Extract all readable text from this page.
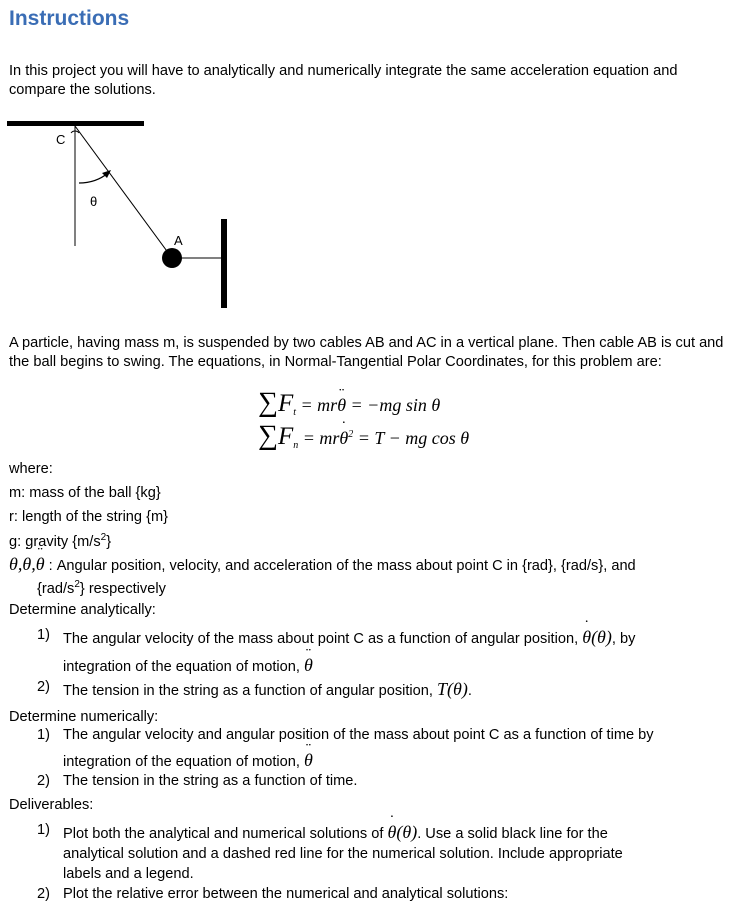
Instructions
In this project you will have to analytically and numerically integrate the same acceleration equation and compare the solutions.
C
θ
A
A particle, having mass m, is suspended by two cables AB and AC in a vertical plane. Then cable AB is cut and the ball begins to swing. The equations, in Normal-Tangential Polar Coordinates, for this problem are:
$\sum F_t$ = mr¨ θ = −mg sin θ
$\sum F_n$ = mr˙ $\theta^2 = T$ − mg cos θ
where:
m: mass of the ball {kg}
r: length of the string {m}
g: gravity $\{m/s^2\}$
θ,˙ θ,¨ θ : Angular position, velocity, and acceleration of the mass about point C in {rad}, {rad/s}, and
$\{rad/s^2\}$ respectively
Determine analytically:
1) The angular velocity of the mass about point C as a function of angular position, ˙ θ(θ), by
integration of the equation of motion, ¨ θ
2) The tension in the string as a function of angular position, T(θ).
Determine numerically:
1) The angular velocity and angular position of the mass about point C as a function of time by
integration of the equation of motion, ¨ θ
2) The tension in the string as a function of time.
Deliverables:
1) Plot both the analytical and numerical solutions of ˙ θ(θ). Use a solid black line for the
analytical solution and a dashed red line for the numerical solution. Include appropriate
labels and a legend.
2) Plot the relative error between the numerical and analytical solutions:
